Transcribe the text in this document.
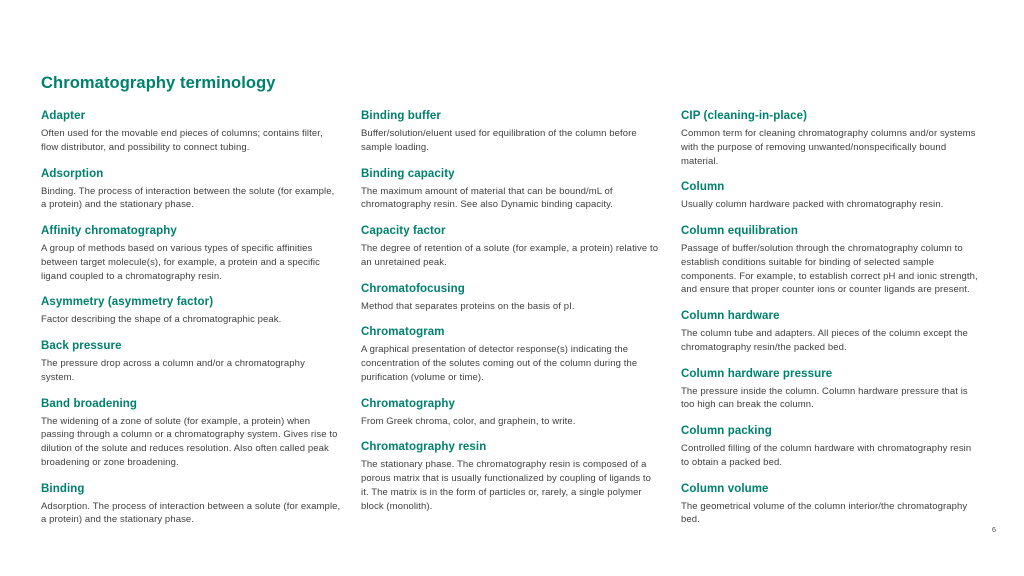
Chromatography terminology
Adapter

Often used for the movable end pieces of columns; contains filter, flow distributor, and possibility to connect tubing.

Adsorption

Binding. The process of interaction between the solute (for example, a protein) and the stationary phase.

Affinity chromatography

A group of methods based on various types of specific affinities between target molecule(s), for example, a protein and a specific ligand coupled to a chromatography resin.

Asymmetry (asymmetry factor)

Factor describing the shape of a chromatographic peak.

Back pressure

The pressure drop across a column and/or a chromatography system.

Band broadening

The widening of a zone of solute (for example, a protein) when passing through a column or a chromatography system. Gives rise to dilution of the solute and reduces resolution. Also often called peak broadening or zone broadening.

Binding

Adsorption. The process of interaction between a solute (for example, a protein) and the stationary phase.

Binding buffer

Buffer/solution/eluent used for equilibration of the column before sample loading.

Binding capacity

The maximum amount of material that can be bound/mL of chromatography resin. See also Dynamic binding capacity.

Capacity factor

The degree of retention of a solute (for example, a protein) relative to an unretained peak.

Chromatofocusing

Method that separates proteins on the basis of pI.

Chromatogram

A graphical presentation of detector response(s) indicating the concentration of the solutes coming out of the column during the purification (volume or time).

Chromatography

From Greek chroma, color, and graphein, to write.

Chromatography resin

The stationary phase. The chromatography resin is composed of a porous matrix that is usually functionalized by coupling of ligands to it. The matrix is in the form of particles or, rarely, a single polymer block (monolith).

CIP (cleaning-in-place)

Common term for cleaning chromatography columns and/or systems with the purpose of removing unwanted/nonspecifically bound material.

Column

Usually column hardware packed with chromatography resin.

Column equilibration

Passage of buffer/solution through the chromatography column to establish conditions suitable for binding of selected sample components. For example, to establish correct pH and ionic strength, and ensure that proper counter ions or counter ligands are present.

Column hardware

The column tube and adapters. All pieces of the column except the chromatography resin/the packed bed.

Column hardware pressure

The pressure inside the column. Column hardware pressure that is too high can break the column.

Column packing

Controlled filling of the column hardware with chromatography resin to obtain a packed bed.

Column volume

The geometrical volume of the column interior/the chromatography bed.

6
